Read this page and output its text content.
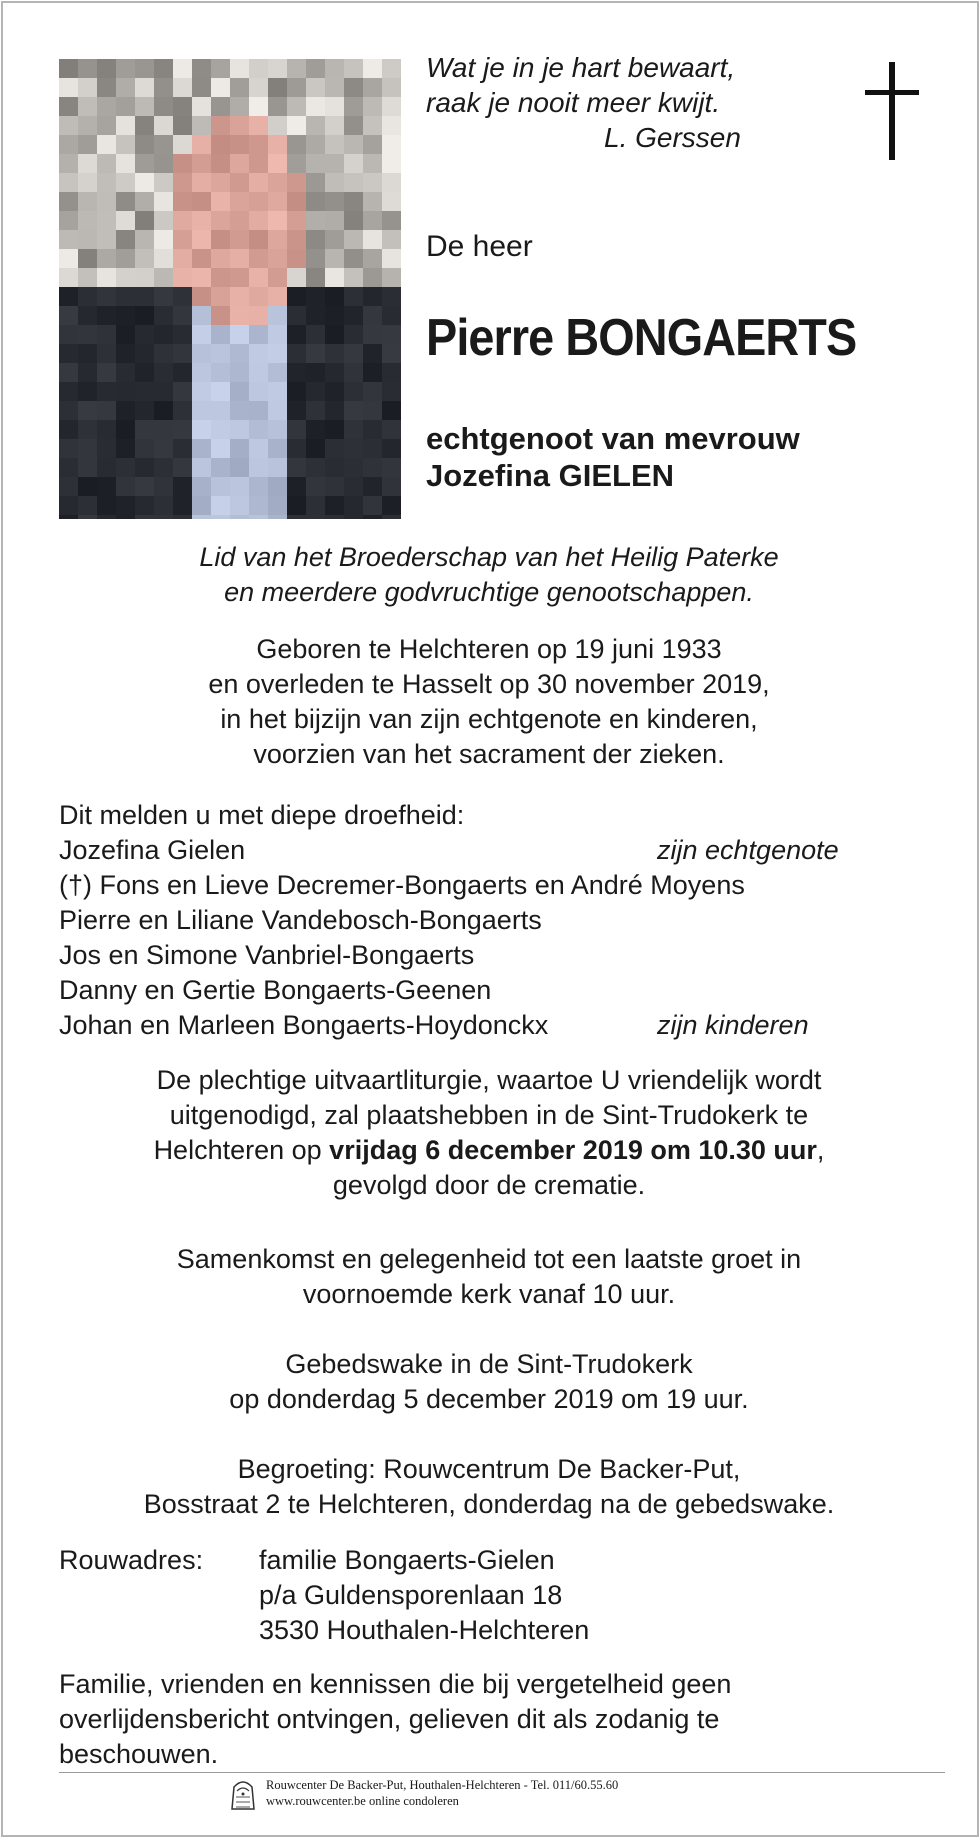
Wat je in je hart bewaart,
raak je nooit meer kwijt.
L. Gerssen
De heer
Pierre BONGAERTS
echtgenoot van mevrouw
Jozefina GIELEN
Lid van het Broederschap van het Heilig Paterke
en meerdere godvruchtige genootschappen.
Geboren te Helchteren op 19 juni 1933
en overleden te Hasselt op 30 november 2019,
in het bijzijn van zijn echtgenote en kinderen,
voorzien van het sacrament der zieken.
Dit melden u met diepe droefheid:
Jozefina Gielen	zijn echtgenote
(†) Fons en Lieve Decremer-Bongaerts en André Moyens
Pierre en Liliane Vandebosch-Bongaerts
Jos en Simone Vanbriel-Bongaerts
Danny en Gertie Bongaerts-Geenen
Johan en Marleen Bongaerts-Hoydonckx	zijn kinderen
De plechtige uitvaartliturgie, waartoe U vriendelijk wordt
uitgenodigd, zal plaatshebben in de Sint-Trudokerk te
Helchteren op vrijdag 6 december 2019 om 10.30 uur,
gevolgd door de crematie.
Samenkomst en gelegenheid tot een laatste groet in
voornoemde kerk vanaf 10 uur.
Gebedswake in de Sint-Trudokerk
op donderdag 5 december 2019 om 19 uur.
Begroeting: Rouwcentrum De Backer-Put,
Bosstraat 2 te Helchteren, donderdag na de gebedswake.
Rouwadres:	familie Bongaerts-Gielen
p/a Guldensporenlaan 18
3530 Houthalen-Helchteren
Familie, vrienden en kennissen die bij vergetelheid geen
overlijdensbericht ontvingen, gelieven dit als zodanig te
beschouwen.
Rouwcenter De Backer-Put, Houthalen-Helchteren - Tel. 011/60.55.60
www.rouwcenter.be online condoleren
